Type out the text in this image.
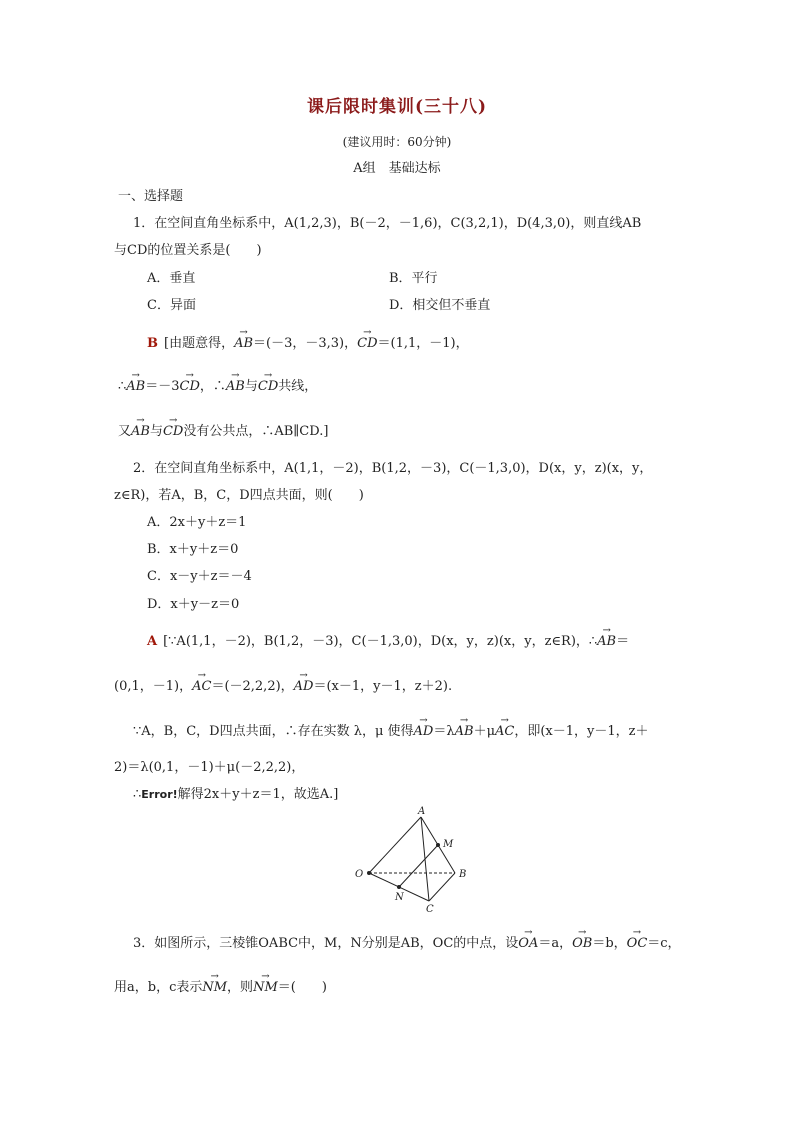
课后限时集训(三十八)
(建议用时：60分钟)
A组　基础达标
一、选择题
1．在空间直角坐标系中，A(1,2,3)，B(－2，－1,6)，C(3,2,1)，D(4,3,0)，则直线AB
与CD的位置关系是(　　)
A．垂直	B．平行
C．异面	D．相交但不垂直
B [由题意得，→ AB＝(－3，－3,3)，→ CD＝(1,1，－1)，
∴→ AB＝－3→ CD，∴→ AB与→ CD共线，
又→ AB与→ CD没有公共点，∴AB∥CD.]
2．在空间直角坐标系中，A(1,1，－2)，B(1,2，－3)，C(－1,3,0)，D(x，y，z)(x，y，
z∈R)，若A，B，C，D四点共面，则(　　)
A．2x＋y＋z＝1
B．x＋y＋z＝0
C．x－y＋z＝－4
D．x＋y－z＝0
A [∵A(1,1，－2)，B(1,2，－3)，C(－1,3,0)，D(x，y，z)(x，y，z∈R)，∴→ AB＝
(0,1，－1)，→ AC＝(－2,2,2)，→ AD＝(x－1，y－1，z＋2).
∵A，B，C，D四点共面，∴存在实数 λ，μ 使得→ AD＝λ→ AB＋μ→ AC，即(x－1，y－1，z＋
2)＝λ(0,1，－1)＋μ(－2,2,2)，
∴Error!解得2x＋y＋z＝1，故选A.]
A
M
O	B
N
C
3．如图所示，三棱锥OABC中，M，N分别是AB，OC的中点，设→ OA＝a，→ OB＝b，→ OC＝c，
用a，b，c表示→ NM，则→ NM＝(　　)
